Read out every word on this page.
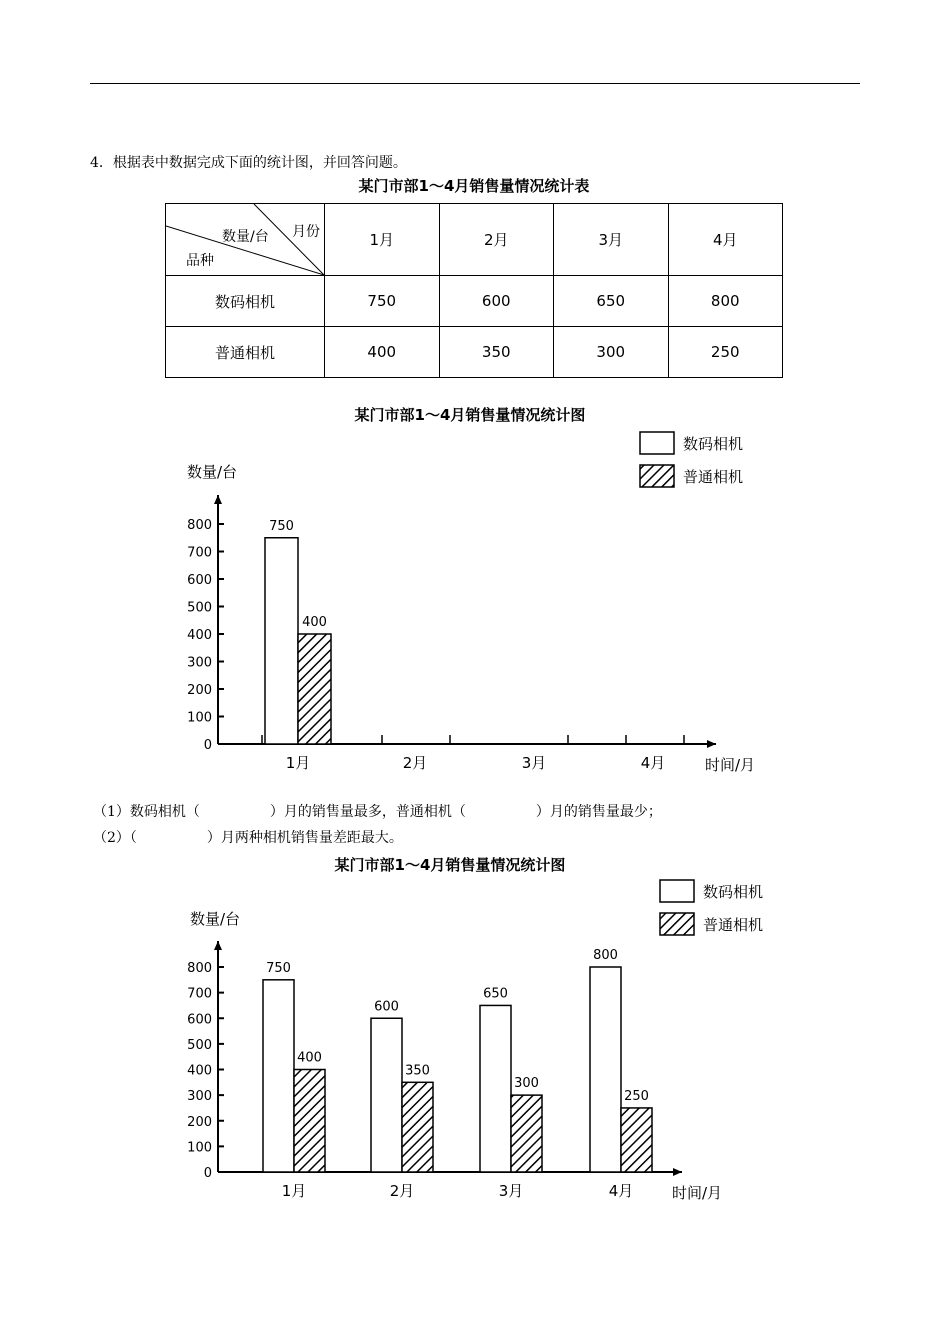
4．根据表中数据完成下面的统计图，并回答问题。
某门市部1～4月销售量情况统计表
数量/台 月份
品种	1月	2月	3月	4月
数码相机	750	600	650	800
普通相机	400	350	300	250
某门市部1～4月销售量情况统计图
0
100
200
300
400
500
600
700
800
数量/台
时间/月
1月
750
400
2月	3月	4月
数码相机
普通相机
（1）数码相机（　　　　　）月的销售量最多，普通相机（　　　　　）月的销售量最少；
（2）（　　　　　）月两种相机销售量差距最大。
某门市部1～4月销售量情况统计图
0
100
200
300
400
500
600
700
800
数量/台
时间/月
1月
750
400
2月
600
350
3月
650
300
4月
800
250
数码相机
普通相机
